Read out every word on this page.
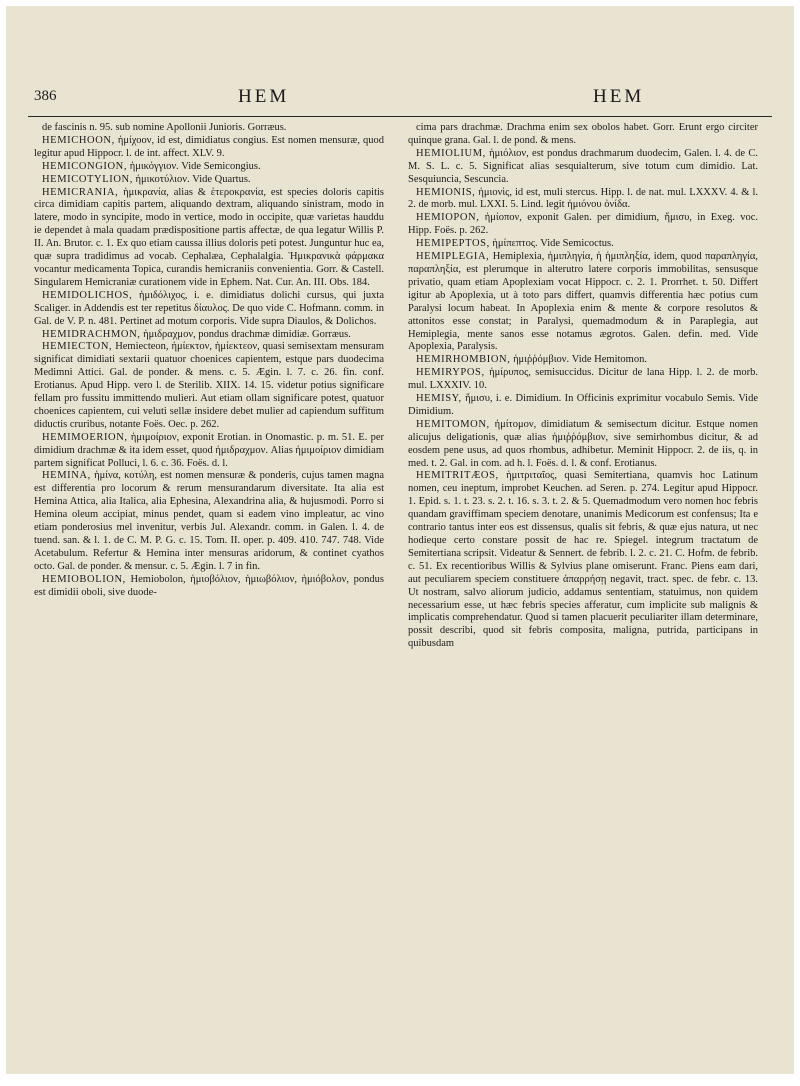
386	HEM	HEM

de fascinis n. 95. sub nomine Apollonii Junioris. Gorræus.

HEMICHOON, ἡμίχοον, id est, dimidiatus congius. Est nomen mensuræ, quod legitur apud Hippocr. l. de int. affect. XLV. 9.

HEMICONGION, ἡμικόγγιον. Vide Semicongius.

HEMICOTYLION, ἡμικοτύλιον. Vide Quartus.

HEMICRANIA, ἡμικρανία, alias & ἑτεροκρανία, est species doloris capitis circa dimidiam capitis partem, aliquando dextram, aliquando sinistram, modo in latere, modo in syncipite, modo in vertice, modo in occipite, quæ varietas hauddu ie dependet à mala quadam prædispositione partis affectæ, de qua legatur Willis P. II. An. Brutor. c. 1. Ex quo etiam caussa illius doloris peti potest. Junguntur huc ea, quæ supra tradidimus ad vocab. Cephalæa, Cephalalgia. Ἡμικρανικὰ φάρμακα vocantur medicamenta Topica, curandis hemicraniis convenientia. Gorr. & Castell. Singularem Hemicraniæ curationem vide in Ephem. Nat. Cur. An. III. Obs. 184.

HEMIDOLICHOS, ἡμιδόλιχος, i. e. dimidiatus dolichi cursus, qui juxta Scaliger. in Addendis est ter repetitus δίαυλος. De quo vide C. Hofmann. comm. in Gal. de V. P. n. 481. Pertinet ad motum corporis. Vide supra Diaulos, & Dolichos.

HEMIDRACHMON, ἡμιδραχμον, pondus drachmæ dimidiæ. Gorræus.

HEMIECTON, Hemiecteon, ἡμίεκτον, ἡμίεκτεον, quasi semisextam mensuram significat dimidiati sextarii quatuor choenices capientem, estque pars duodecima Medimni Attici. Gal. de ponder. & mens. c. 5. Ægin. l. 7. c. 26. fin. conf. Erotianus. Apud Hipp. vero l. de Sterilib. XIIX. 14. 15. videtur potius significare fellam pro fussitu immittendo mulieri. Aut etiam ollam significare potest, quatuor choenices capientem, cui veluti sellæ insidere debet mulier ad capiendum suffitum diductis cruribus, notante Foës. Oec. p. 262.

HEMIMOERION, ἡμιμοίριον, exponit Erotian. in Onomastic. p. m. 51. E. per dimidium drachmæ & ita idem esset, quod ἡμιδραχμον. Alias ἡμιμοίριον dimidiam partem significat Polluci, l. 6. c. 36. Foës. d. l.

HEMINA, ἡμίνα, κοτύλη, est nomen mensuræ & ponderis, cujus tamen magna est differentia pro locorum & rerum mensurandarum diversitate. Ita alia est Hemina Attica, alia Italica, alia Ephesina, Alexandrina alia, & hujusmodi. Porro si Hemina oleum accipiat, minus pendet, quam si eadem vino impleatur, ac vino etiam ponderosius mel invenitur, verbis Jul. Alexandr. comm. in Galen. l. 4. de tuend. san. & l. 1. de C. M. P. G. c. 15. Tom. II. oper. p. 409. 410. 747. 748. Vide Acetabulum. Refertur & Hemina inter mensuras aridorum, & continet cyathos octo. Gal. de ponder. & mensur. c. 5. Ægin. l. 7 in fin.

HEMIOBOLION, Hemiobolon, ἡμιοβόλιον, ἡμιωβόλιον, ἡμιόβολον, pondus est dimidii oboli, sive duode-

cima pars drachmæ. Drachma enim sex obolos habet. Gorr. Erunt ergo circiter quinque grana. Gal. l. de pond. & mens.

HEMIOLIUM, ἡμιόλιον, est pondus drachmarum duodecim, Galen. l. 4. de C. M. S. L. c. 5. Significat alias sesquialterum, sive totum cum dimidio. Lat. Sesquiuncia, Sescuncia.

HEMIONIS, ἡμιονὶς, id est, muli stercus. Hipp. l. de nat. mul. LXXXV. 4. & l. 2. de morb. mul. LXXI. 5. Lind. legit ἡμιόνου ὀνίδα.

HEMIOPON, ἡμίοπον, exponit Galen. per dimidium, ἥμισυ, in Exeg. voc. Hipp. Foës. p. 262.

HEMIPEPTOS, ἡμίπεπτος. Vide Semicoctus.

HEMIPLEGIA, Hemiplexia, ἡμιπληγία, ἡ ἡμιπληξία, idem, quod παραπληγία, παραπληξία, est plerumque in alterutro latere corporis immobilitas, sensusque privatio, quam etiam Apoplexiam vocat Hippocr. c. 2. 1. Prorrhet. t. 50. Differt igitur ab Apoplexia, ut à toto pars differt, quamvis differentia hæc potius cum Paralysi locum habeat. In Apoplexia enim & mente & corpore resolutos & attonitos esse constat; in Paralysi, quemadmodum & in Paraplegia, aut Hemiplegia, mente sanos esse notamus ægrotos. Galen. defin. med. Vide Apoplexia, Paralysis.

HEMIRHOMBION, ἡμιῤῥόμβιον. Vide Hemitomon.

HEMIRYPOS, ἡμίρυπος, semisuccidus. Dicitur de lana Hipp. l. 2. de morb. mul. LXXXIV. 10.

HEMISY, ἥμισυ, i. e. Dimidium. In Officinis exprimitur vocabulo Semis. Vide Dimidium.

HEMITOMON, ἡμίτομον, dimidiatum & semisectum dicitur. Estque nomen alicujus deligationis, quæ alias ἡμιῤῥόμβιον, sive semirhombus dicitur, & ad eosdem pene usus, ad quos rhombus, adhibetur. Meminit Hippocr. 2. de iis, q. in med. t. 2. Gal. in com. ad h. l. Foës. d. l. & conf. Erotianus.

HEMITRITÆOS, ἡμιτριταῖος, quasi Semitertiana, quamvis hoc Latinum nomen, ceu ineptum, improbet Keuchen. ad Seren. p. 274. Legitur apud Hippocr. 1. Epid. s. 1. t. 23. s. 2. t. 16. s. 3. t. 2. & 5. Quemadmodum vero nomen hoc febris quandam graviffimam speciem denotare, unanimis Medicorum est confensus; Ita e contrario tantus inter eos est dissensus, qualis sit febris, & quæ ejus natura, ut nec hodieque certo constare possit de hac re. Spiegel. integrum tractatum de Semitertiana scripsit. Videatur & Sennert. de febrib. l. 2. c. 21. C. Hofm. de febrib. c. 51. Ex recentioribus Willis & Sylvius plane omiserunt. Franc. Piens eam dari, aut peculiarem speciem constituere ἀπαρρήσῃ negavit, tract. spec. de febr. c. 13. Ut nostram, salvo aliorum judicio, addamus sententiam, statuimus, non quidem necessarium esse, ut hæc febris species afferatur, cum implicite sub malignis & implicatis comprehendatur. Quod si tamen placuerit peculiariter illam determinare, possit describi, quod sit febris composita, maligna, putrida, participans in quibusdam
